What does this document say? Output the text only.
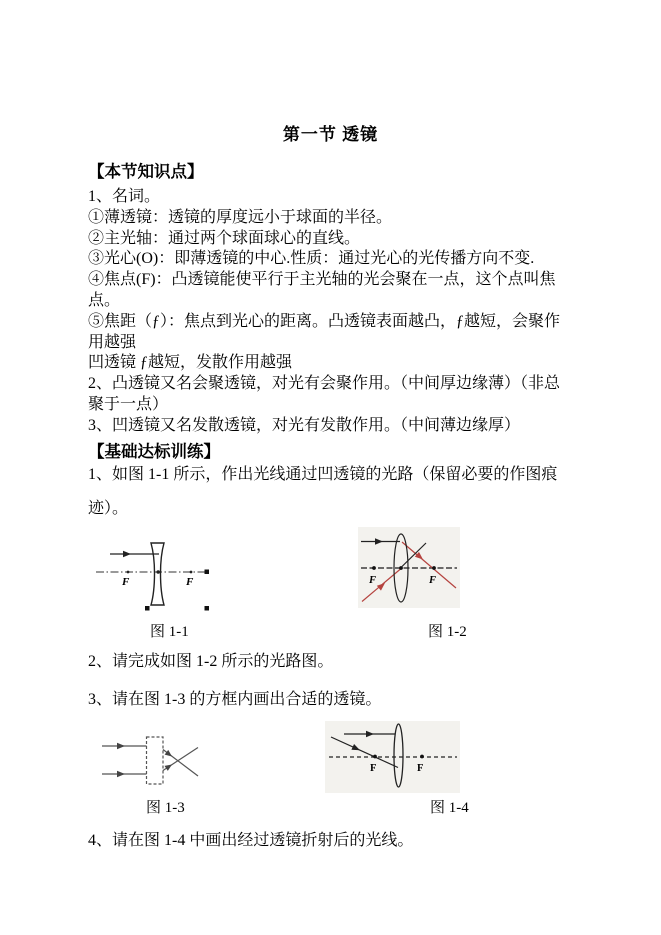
第一节 透镜
【本节知识点】
1、名词。
①薄透镜：透镜的厚度远小于球面的半径。
②主光轴：通过两个球面球心的直线。
③光心(O)：即薄透镜的中心.性质：通过光心的光传播方向不变.
④焦点(F)：凸透镜能使平行于主光轴的光会聚在一点，这个点叫焦
点。
⑤焦距（ƒ）：焦点到光心的距离。凸透镜表面越凸，ƒ越短，会聚作
用越强
凹透镜 ƒ越短，发散作用越强
2、凸透镜又名会聚透镜，对光有会聚作用。（中间厚边缘薄）（非总
聚于一点）
3、凹透镜又名发散透镜，对光有发散作用。（中间薄边缘厚）
【基础达标训练】
1、如图 1-1 所示，作出光线通过凹透镜的光路（保留必要的作图痕
迹）。
F	F
图 1-1
F	F
图 1-2
2、请完成如图 1-2 所示的光路图。
3、请在图 1-3 的方框内画出合适的透镜。
图 1-3
F	F
图 1-4
4、请在图 1-4 中画出经过透镜折射后的光线。
